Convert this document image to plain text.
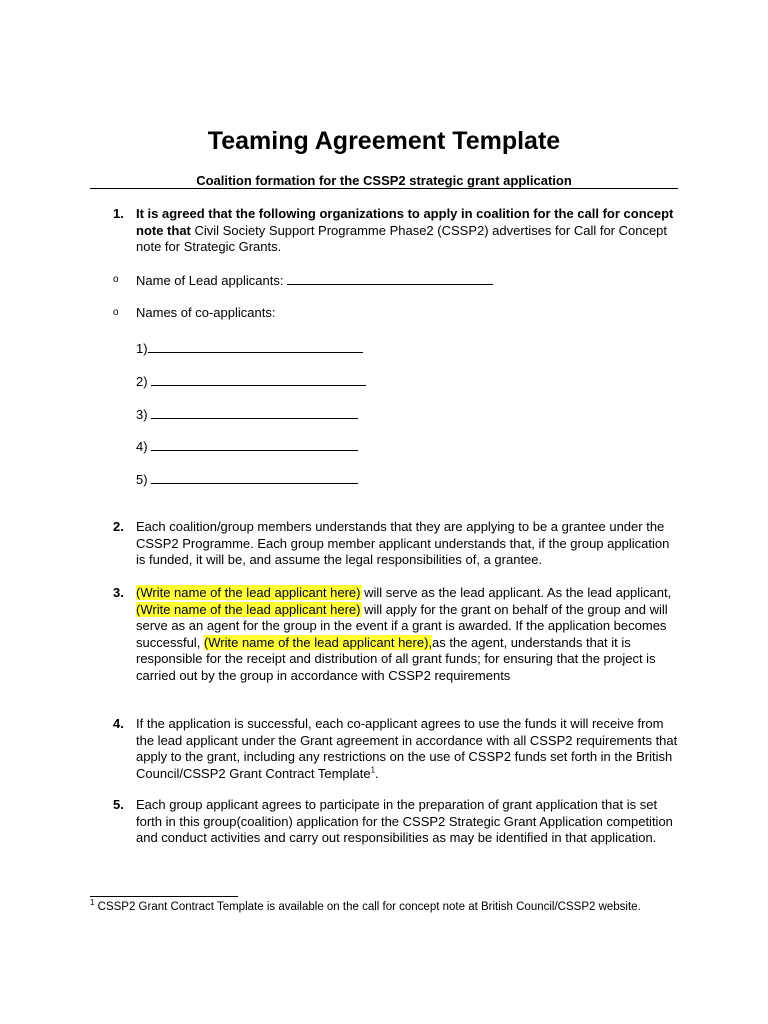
Teaming Agreement Template
Coalition formation for the CSSP2 strategic grant application
1. It is agreed that the following organizations to apply in coalition for the call for concept note that Civil Society Support Programme Phase2 (CSSP2) advertises for Call for Concept note for Strategic Grants.
o Name of Lead applicants:
o Names of co-applicants:
1)
2)
3)
4)
5)
2. Each coalition/group members understands that they are applying to be a grantee under the CSSP2 Programme. Each group member applicant understands that, if the group application is funded, it will be, and assume the legal responsibilities of, a grantee.
3. (Write name of the lead applicant here) will serve as the lead applicant. As the lead applicant, (Write name of the lead applicant here) will apply for the grant on behalf of the group and will serve as an agent for the group in the event if a grant is awarded. If the application becomes successful, (Write name of the lead applicant here),as the agent, understands that it is responsible for the receipt and distribution of all grant funds; for ensuring that the project is carried out by the group in accordance with CSSP2 requirements
4. If the application is successful, each co-applicant agrees to use the funds it will receive from the lead applicant under the Grant agreement in accordance with all CSSP2 requirements that apply to the grant, including any restrictions on the use of CSSP2 funds set forth in the British Council/CSSP2 Grant Contract Template$^1$.
5. Each group applicant agrees to participate in the preparation of grant application that is set forth in this group(coalition) application for the CSSP2 Strategic Grant Application competition and conduct activities and carry out responsibilities as may be identified in that application.
$^1$ CSSP2 Grant Contract Template is available on the call for concept note at British Council/CSSP2 website.
